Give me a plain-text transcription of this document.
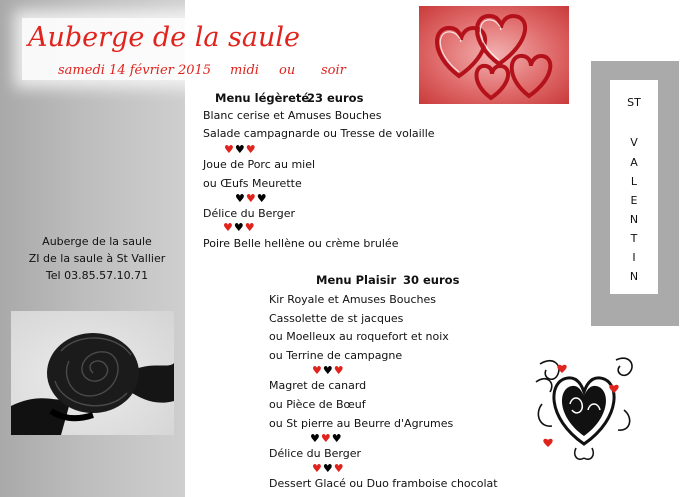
Auberge de la saule
samedi 14 février 2015 midi ou soir
Menu légèreté
23 euros
Blanc cerise et Amuses Bouches
Salade campagnarde ou Tresse de volaille
♥♥♥
Joue de Porc au miel
ou Œufs Meurette
♥♥♥
Délice du Berger
♥♥♥
Poire Belle hellène ou crème brulée
Auberge de la saule
ZI de la saule à St Vallier
Tel 03.85.57.10.71
ST
V
A
L
E
N
T
I
N
Menu Plaisir 30 euros
Kir Royale et Amuses Bouches
Cassolette de st jacques
ou Moelleux au roquefort et noix
ou Terrine de campagne
♥♥♥
Magret de canard
ou Pièce de Bœuf
ou St pierre au Beurre d'Agrumes
♥♥♥
Délice du Berger
♥♥♥
Dessert Glacé ou Duo framboise chocolat
